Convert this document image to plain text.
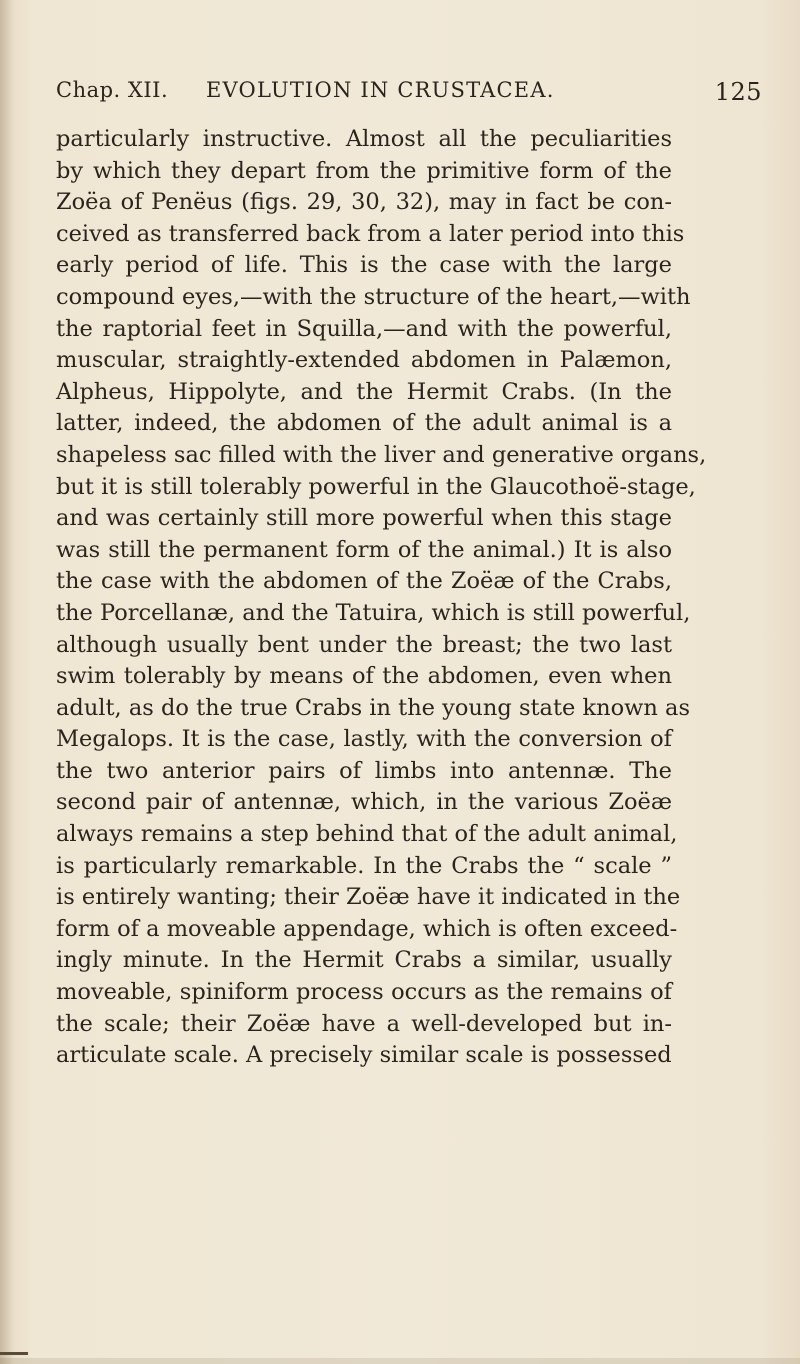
Chap. XII. EVOLUTION IN CRUSTACEA.	125
particularly instructive. Almost all the peculiarities
by which they depart from the primitive form of the
Zoëa of Penëus (figs. 29, 30, 32), may in fact be con-
ceived as transferred back from a later period into this
early period of life. This is the case with the large
compound eyes,—with the structure of the heart,—with
the raptorial feet in Squilla,—and with the powerful,
muscular, straightly-extended abdomen in Palæmon,
Alpheus, Hippolyte, and the Hermit Crabs. (In the
latter, indeed, the abdomen of the adult animal is a
shapeless sac filled with the liver and generative organs,
but it is still tolerably powerful in the Glaucothoë-stage,
and was certainly still more powerful when this stage
was still the permanent form of the animal.) It is also
the case with the abdomen of the Zoëæ of the Crabs,
the Porcellanæ, and the Tatuira, which is still powerful,
although usually bent under the breast; the two last
swim tolerably by means of the abdomen, even when
adult, as do the true Crabs in the young state known as
Megalops. It is the case, lastly, with the conversion of
the two anterior pairs of limbs into antennæ. The
second pair of antennæ, which, in the various Zoëæ
always remains a step behind that of the adult animal,
is particularly remarkable. In the Crabs the “ scale ”
is entirely wanting; their Zoëæ have it indicated in the
form of a moveable appendage, which is often exceed-
ingly minute. In the Hermit Crabs a similar, usually
moveable, spiniform process occurs as the remains of
the scale; their Zoëæ have a well-developed but in-
articulate scale. A precisely similar scale is possessed
